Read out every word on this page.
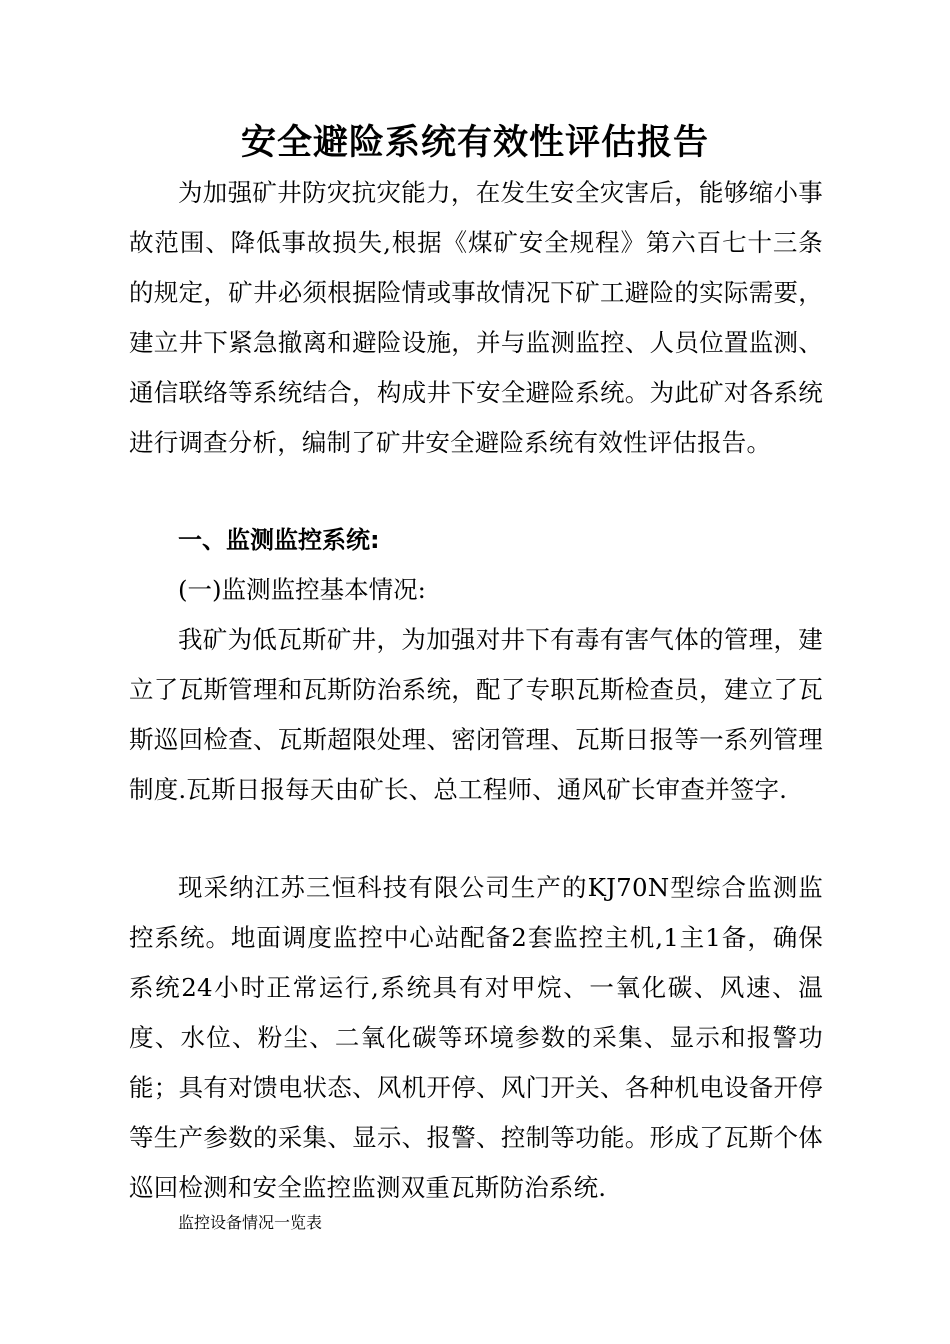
安全避险系统有效性评估报告

为加强矿井防灾抗灾能力，在发生安全灾害后，能够缩小事故范围、降低事故损失,根据《煤矿安全规程》第六百七十三条的规定，矿井必须根据险情或事故情况下矿工避险的实际需要，建立井下紧急撤离和避险设施，并与监测监控、人员位置监测、通信联络等系统结合，构成井下安全避险系统。为此矿对各系统进行调查分析，编制了矿井安全避险系统有效性评估报告。

一、监测监控系统:

(一)监测监控基本情况:

我矿为低瓦斯矿井，为加强对井下有毒有害气体的管理，建立了瓦斯管理和瓦斯防治系统，配了专职瓦斯检查员，建立了瓦斯巡回检查、瓦斯超限处理、密闭管理、瓦斯日报等一系列管理制度.瓦斯日报每天由矿长、总工程师、通风矿长审查并签字.

现采纳江苏三恒科技有限公司生产的KJ70N型综合监测监控系统。地面调度监控中心站配备2套监控主机,1主1备，确保系统24小时正常运行,系统具有对甲烷、一氧化碳、风速、温度、水位、粉尘、二氧化碳等环境参数的采集、显示和报警功能；具有对馈电状态、风机开停、风门开关、各种机电设备开停等生产参数的采集、显示、报警、控制等功能。形成了瓦斯个体巡回检测和安全监控监测双重瓦斯防治系统.

监控设备情况一览表
